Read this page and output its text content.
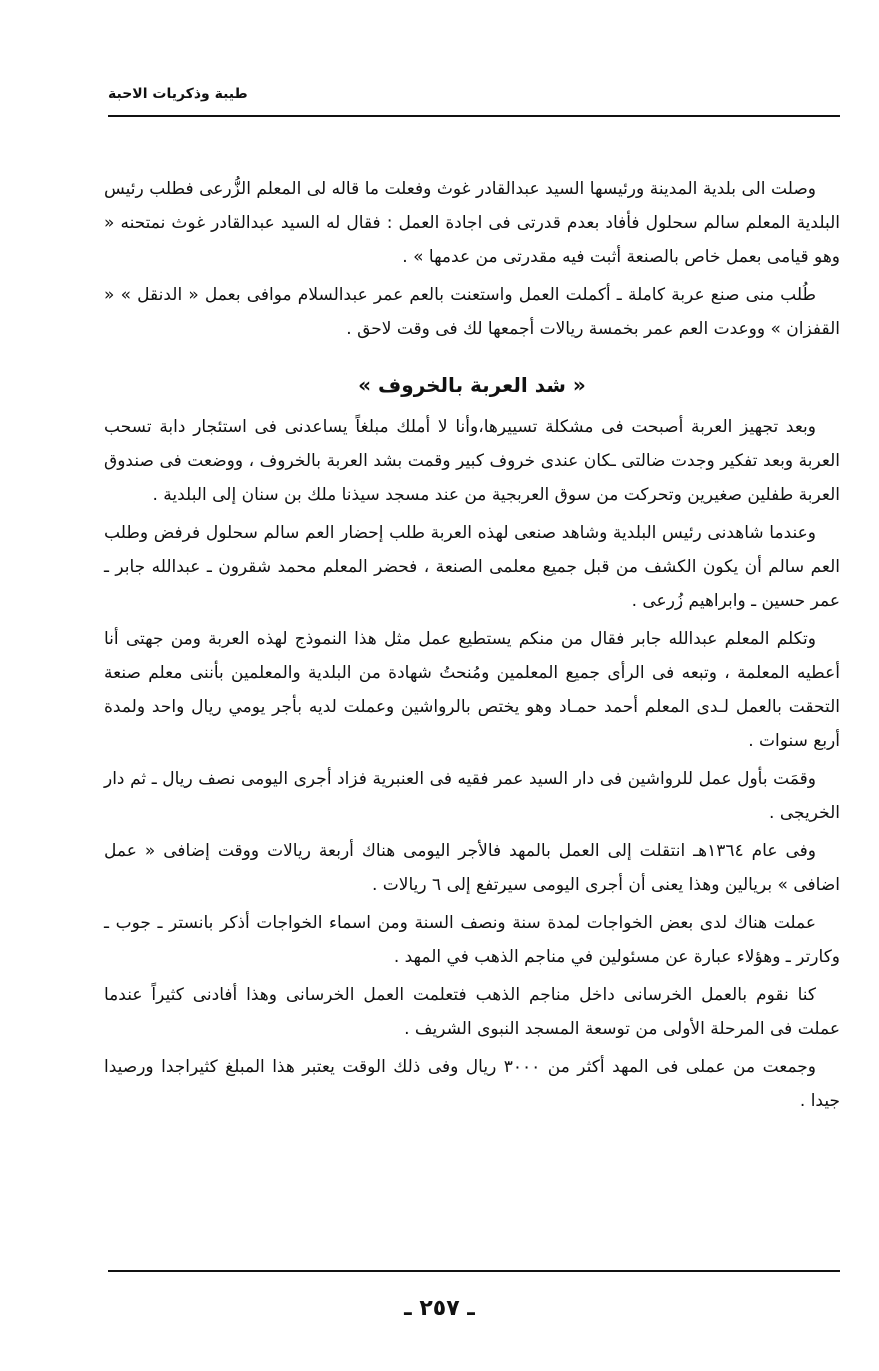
طيبة وذكريات الاحبة

وصلت الى بلدية المدينة ورئيسها السيد عبدالقادر غوث وفعلت ما قاله لى المعلم الزُّرعى فطلب رئيس البلدية المعلم سالم سحلول فأفاد بعدم قدرتى فى اجادة العمل : فقال له السيد عبدالقادر غوث نمتحنه « وهو قيامى بعمل خاص بالصنعة أثبت فيه مقدرتى من عدمها » .

طُلب منى صنع عربة كاملة ـ أكملت العمل واستعنت بالعم عمر عبدالسلام موافى بعمل « الدنقل » « القفزان » ووعدت العم عمر بخمسة ريالات أجمعها لك فى وقت لاحق .

« شد العربة بالخروف »

وبعد تجهيز العربة أصبحت فى مشكلة تسييرها،وأنا لا أملك مبلغاً يساعدنى فى استئجار دابة تسحب العربة وبعد تفكير وجدت ضالتى ـكان عندى خروف كبير وقمت بشد العربة بالخروف ، ووضعت فى صندوق العربة طفلين صغيرين وتحركت من سوق العربجية من عند مسجد سيذنا ملك بن سنان إلى البلدية .

وعندما شاهدنى رئيس البلدية وشاهد صنعى لهذه العربة طلب إحضار العم سالم سحلول فرفض وطلب العم سالم أن يكون الكشف من قبل جميع معلمى الصنعة ، فحضر المعلم محمد شقرون ـ عبدالله جابر ـ عمر حسين ـ وابراهيم زُرعى .

وتكلم المعلم عبدالله جابر فقال من منكم يستطيع عمل مثل هذا النموذج لهذه العربة ومن جهتى أنا أعطيه المعلمة ، وتبعه فى الرأى جميع المعلمين ومُنحتُ شهادة من البلدية والمعلمين بأننى معلم صنعة التحقت بالعمل لـدى المعلم أحمد حمـاد وهو يختص بالرواشين وعملت لديه بأجر يومي ريال واحد ولمدة أربع سنوات .

وقمَت بأول عمل للرواشين فى دار السيد عمر فقيه فى العنبرية فزاد أجرى اليومى نصف ريال ـ ثم دار الخريجى .

وفى عام ١٣٦٤هـ انتقلت إلى العمل بالمهد فالأجر اليومى هناك أربعة ريالات ووقت إضافى « عمل اضافى » بريالين وهذا يعنى أن أجرى اليومى سيرتفع إلى ٦ ريالات .

عملت هناك لدى بعض الخواجات لمدة سنة ونصف السنة ومن اسماء الخواجات أذكر بانستر ـ جوب ـ وكارتر ـ وهؤلاء عبارة عن مسئولين في مناجم الذهب في المهد .

كنا نقوم بالعمل الخرسانى داخل مناجم الذهب فتعلمت العمل الخرسانى وهذا أفادنى كثيراً عندما عملت فى المرحلة الأولى من توسعة المسجد النبوى الشريف .

وجمعت من عملى فى المهد أكثر من ٣٠٠٠ ريال وفى ذلك الوقت يعتبر هذا المبلغ كثيراجدا ورصيدا جيدا .

ـ ٢٥٧ ـ
